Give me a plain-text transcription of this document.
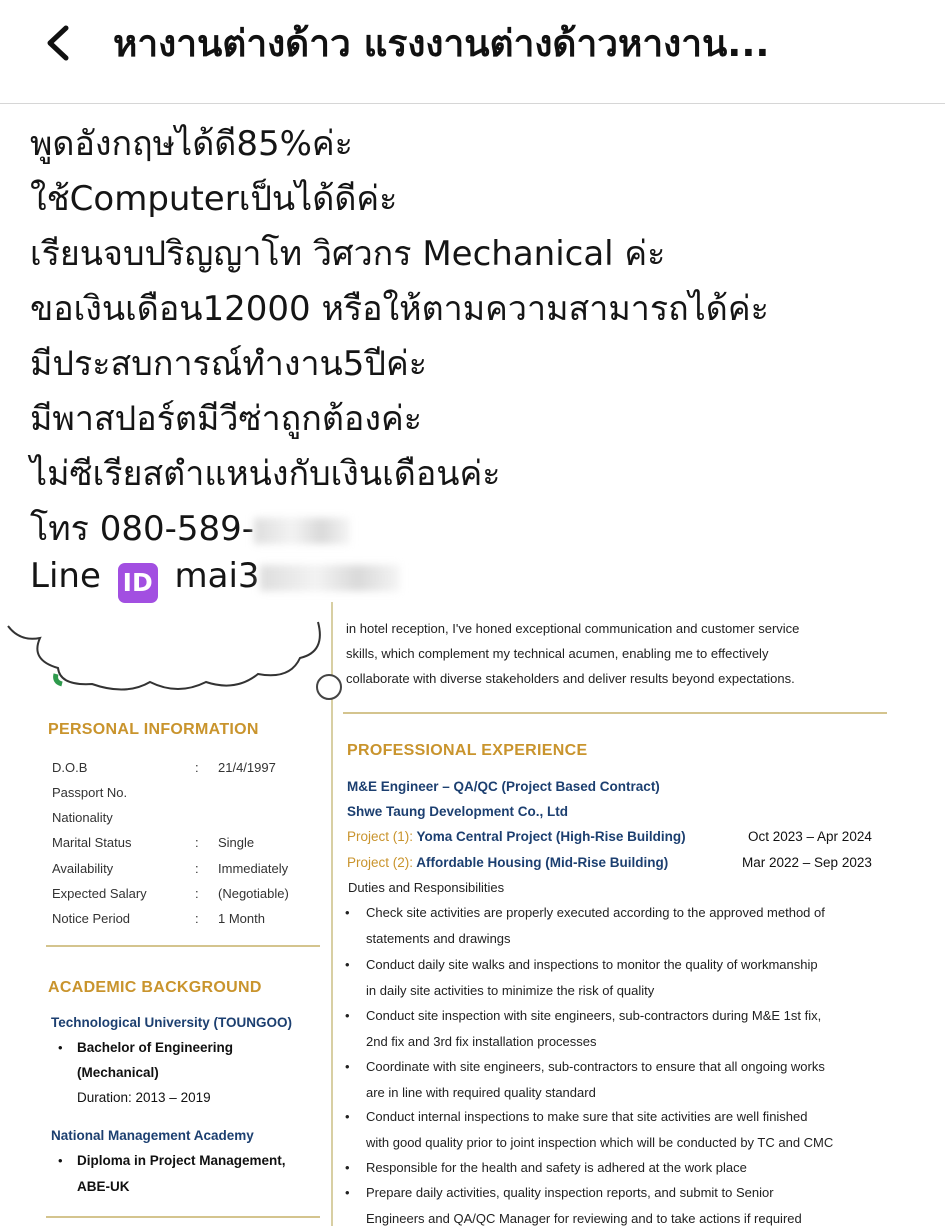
หางานต่างด้าว แรงงานต่างด้าวหางาน...
พูดอังกฤษได้ดี85%ค่ะ
ใช้Computerเป็นได้ดีค่ะ
เรียนจบปริญญาโท วิศวกร Mechanical ค่ะ
ขอเงินเดือน12000 หรือให้ตามความสามารถได้ค่ะ
มีประสบการณ์ทำงาน5ปีค่ะ
มีพาสปอร์ตมีวีซ่าถูกต้องค่ะ
ไม่ซีเรียสตำแหน่งกับเงินเดือนค่ะ
โทร 080-589-
Line ID mai3
in hotel reception, I've honed exceptional communication and customer service
skills, which complement my technical acumen, enabling me to effectively
collaborate with diverse stakeholders and deliver results beyond expectations.
PERSONAL INFORMATION
D.O.B	: 21/4/1997
Passport No.
Nationality
Marital Status	: Single
Availability	: Immediately
Expected Salary	: (Negotiable)
Notice Period	: 1 Month
ACADEMIC BACKGROUND
Technological University (TOUNGOO)
• Bachelor of Engineering
(Mechanical)
Duration: 2013 – 2019
National Management Academy
• Diploma in Project Management,
ABE-UK
PROFESSIONAL EXPERIENCE
M&E Engineer – QA/QC (Project Based Contract)
Shwe Taung Development Co., Ltd
Project (1): Yoma Central Project (High-Rise Building)	Oct 2023 – Apr 2024
Project (2): Affordable Housing (Mid-Rise Building)	Mar 2022 – Sep 2023
Duties and Responsibilities
• Check site activities are properly executed according to the approved method of
statements and drawings
• Conduct daily site walks and inspections to monitor the quality of workmanship
in daily site activities to minimize the risk of quality
• Conduct site inspection with site engineers, sub-contractors during M&E 1st fix,
2nd fix and 3rd fix installation processes
• Coordinate with site engineers, sub-contractors to ensure that all ongoing works
are in line with required quality standard
• Conduct internal inspections to make sure that site activities are well finished
with good quality prior to joint inspection which will be conducted by TC and CMC
• Responsible for the health and safety is adhered at the work place
• Prepare daily activities, quality inspection reports, and submit to Senior
Engineers and QA/QC Manager for reviewing and to take actions if required
